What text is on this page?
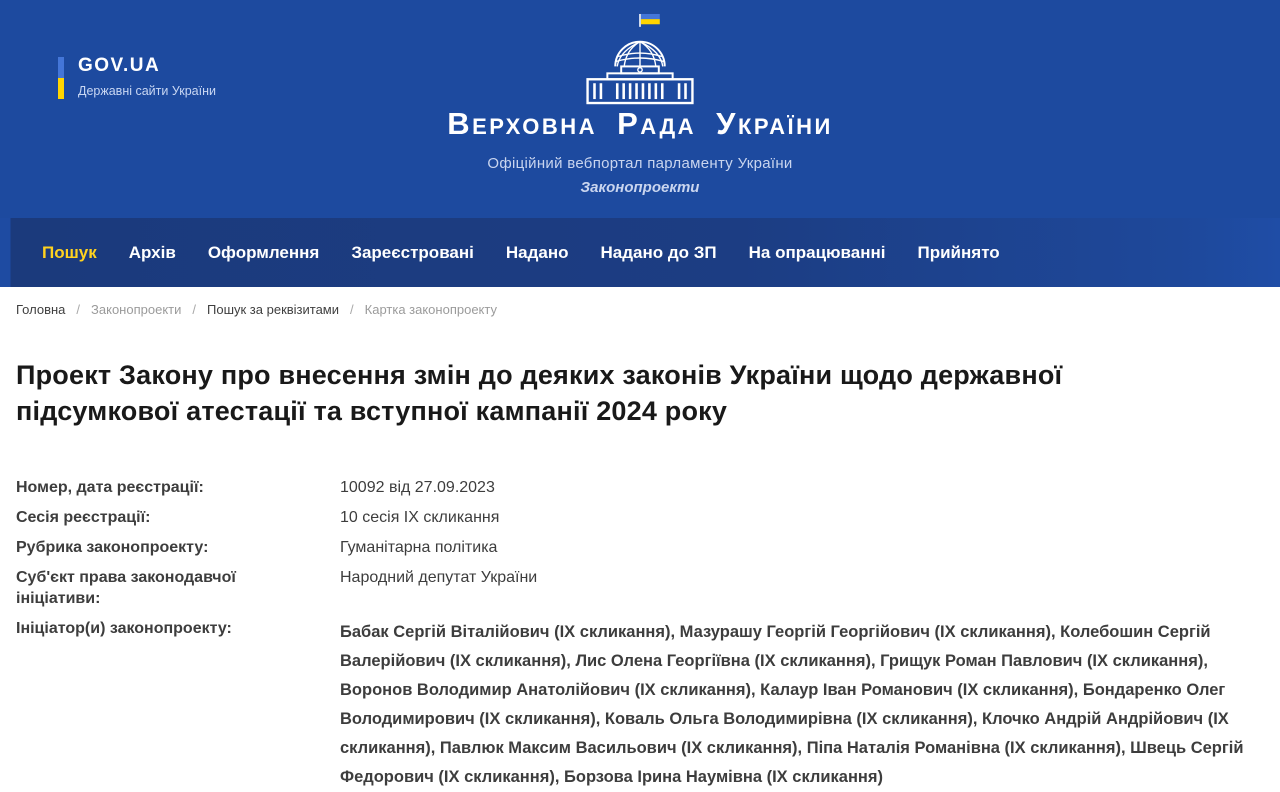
GOV.UA
Державні сайти України
Верховна Рада України
Офіційний вебпортал парламенту України
Законопроекти
Пошук	Архів	Оформлення	Зареєстровані	Надано	Надано до ЗП	На опрацюванні	Прийнято
Головна / Законопроекти / Пошук за реквізитами / Картка законопроекту
Проект Закону про внесення змін до деяких законів України щодо державної підсумкової атестації та вступної кампанії 2024 року
Номер, дата реєстрації:	10092 від 27.09.2023
Сесія реєстрації:	10 сесія ІХ скликання
Рубрика законопроекту:	Гуманітарна політика
Суб'єкт права законодавчої ініціативи:
Народний депутат України
Ініціатор(и) законопроекту:	Бабак Сергій Віталійович (ІХ скликання), Мазурашу Георгій Георгійович (ІХ скликання), Колебошин Сергій Валерійович (ІХ скликання), Лис Олена Георгіївна (ІХ скликання), Грищук Роман Павлович (ІХ скликання), Воронов Володимир Анатолійович (ІХ скликання), Калаур Іван Романович (ІХ скликання), Бондаренко Олег Володимирович (ІХ скликання), Коваль Ольга Володимирівна (ІХ скликання), Клочко Андрій Андрійович (ІХ скликання), Павлюк Максим Васильович (ІХ скликання), Піпа Наталія Романівна (ІХ скликання), Швець Сергій Федорович (ІХ скликання), Борзова Ірина Наумівна (ІХ скликання)
